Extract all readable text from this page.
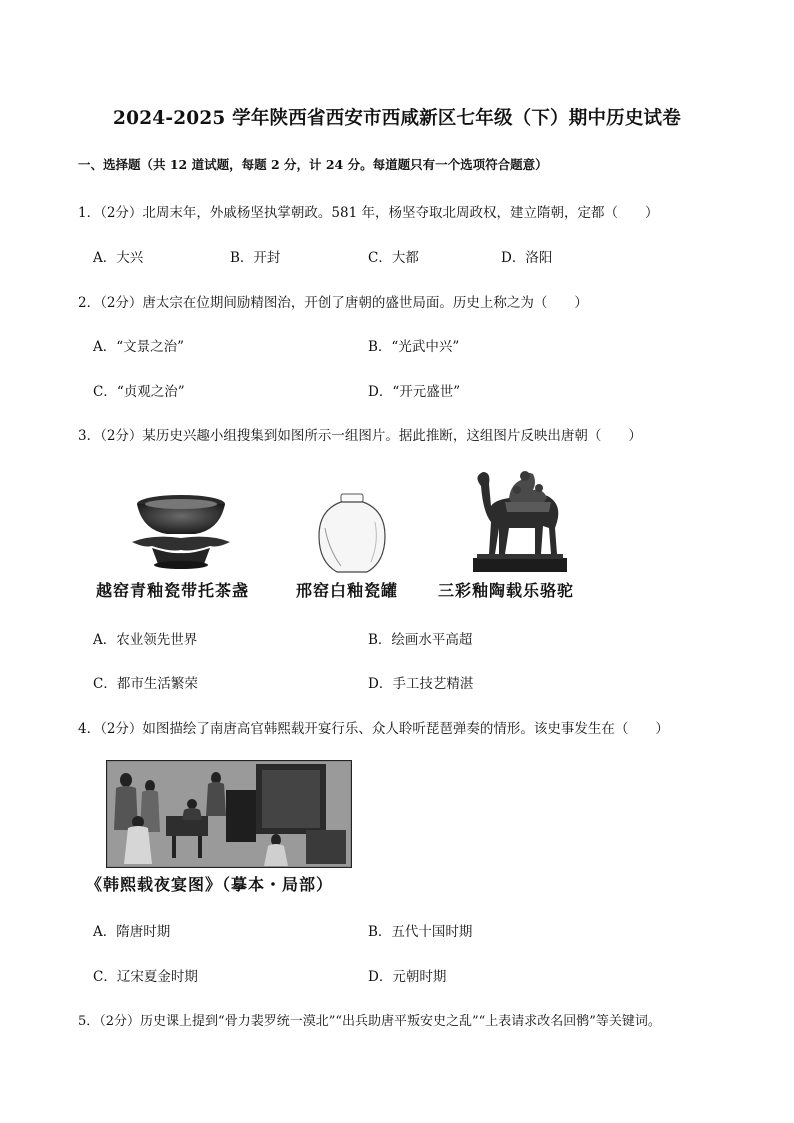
2024-2025 学年陕西省西安市西咸新区七年级（下）期中历史试卷
一、选择题（共 12 道试题，每题 2 分，计 24 分。每道题只有一个选项符合题意）
1．（2分）北周末年，外戚杨坚执掌朝政。581 年，杨坚夺取北周政权，建立隋朝，定都（　　）
A．大兴	B．开封	C．大都	D．洛阳
2．（2分）唐太宗在位期间励精图治，开创了唐朝的盛世局面。历史上称之为（　　）
A．“文景之治”	B．“光武中兴”
C．“贞观之治”	D．“开元盛世”
3．（2分）某历史兴趣小组搜集到如图所示一组图片。据此推断，这组图片反映出唐朝（　　）
越窑青釉瓷带托茶盏	邢窑白釉瓷罐 三彩釉陶载乐骆驼
A．农业领先世界	B．绘画水平高超
C．都市生活繁荣	D．手工技艺精湛
4．（2分）如图描绘了南唐高官韩熙载开宴行乐、众人聆听琵琶弹奏的情形。该史事发生在（　　）
《韩熙载夜宴图》（摹本・局部）
A．隋唐时期	B．五代十国时期
C．辽宋夏金时期	D．元朝时期
5．（2分）历史课上提到“骨力裴罗统一漠北”“出兵助唐平叛安史之乱”“上表请求改名回鹘”等关键词。
